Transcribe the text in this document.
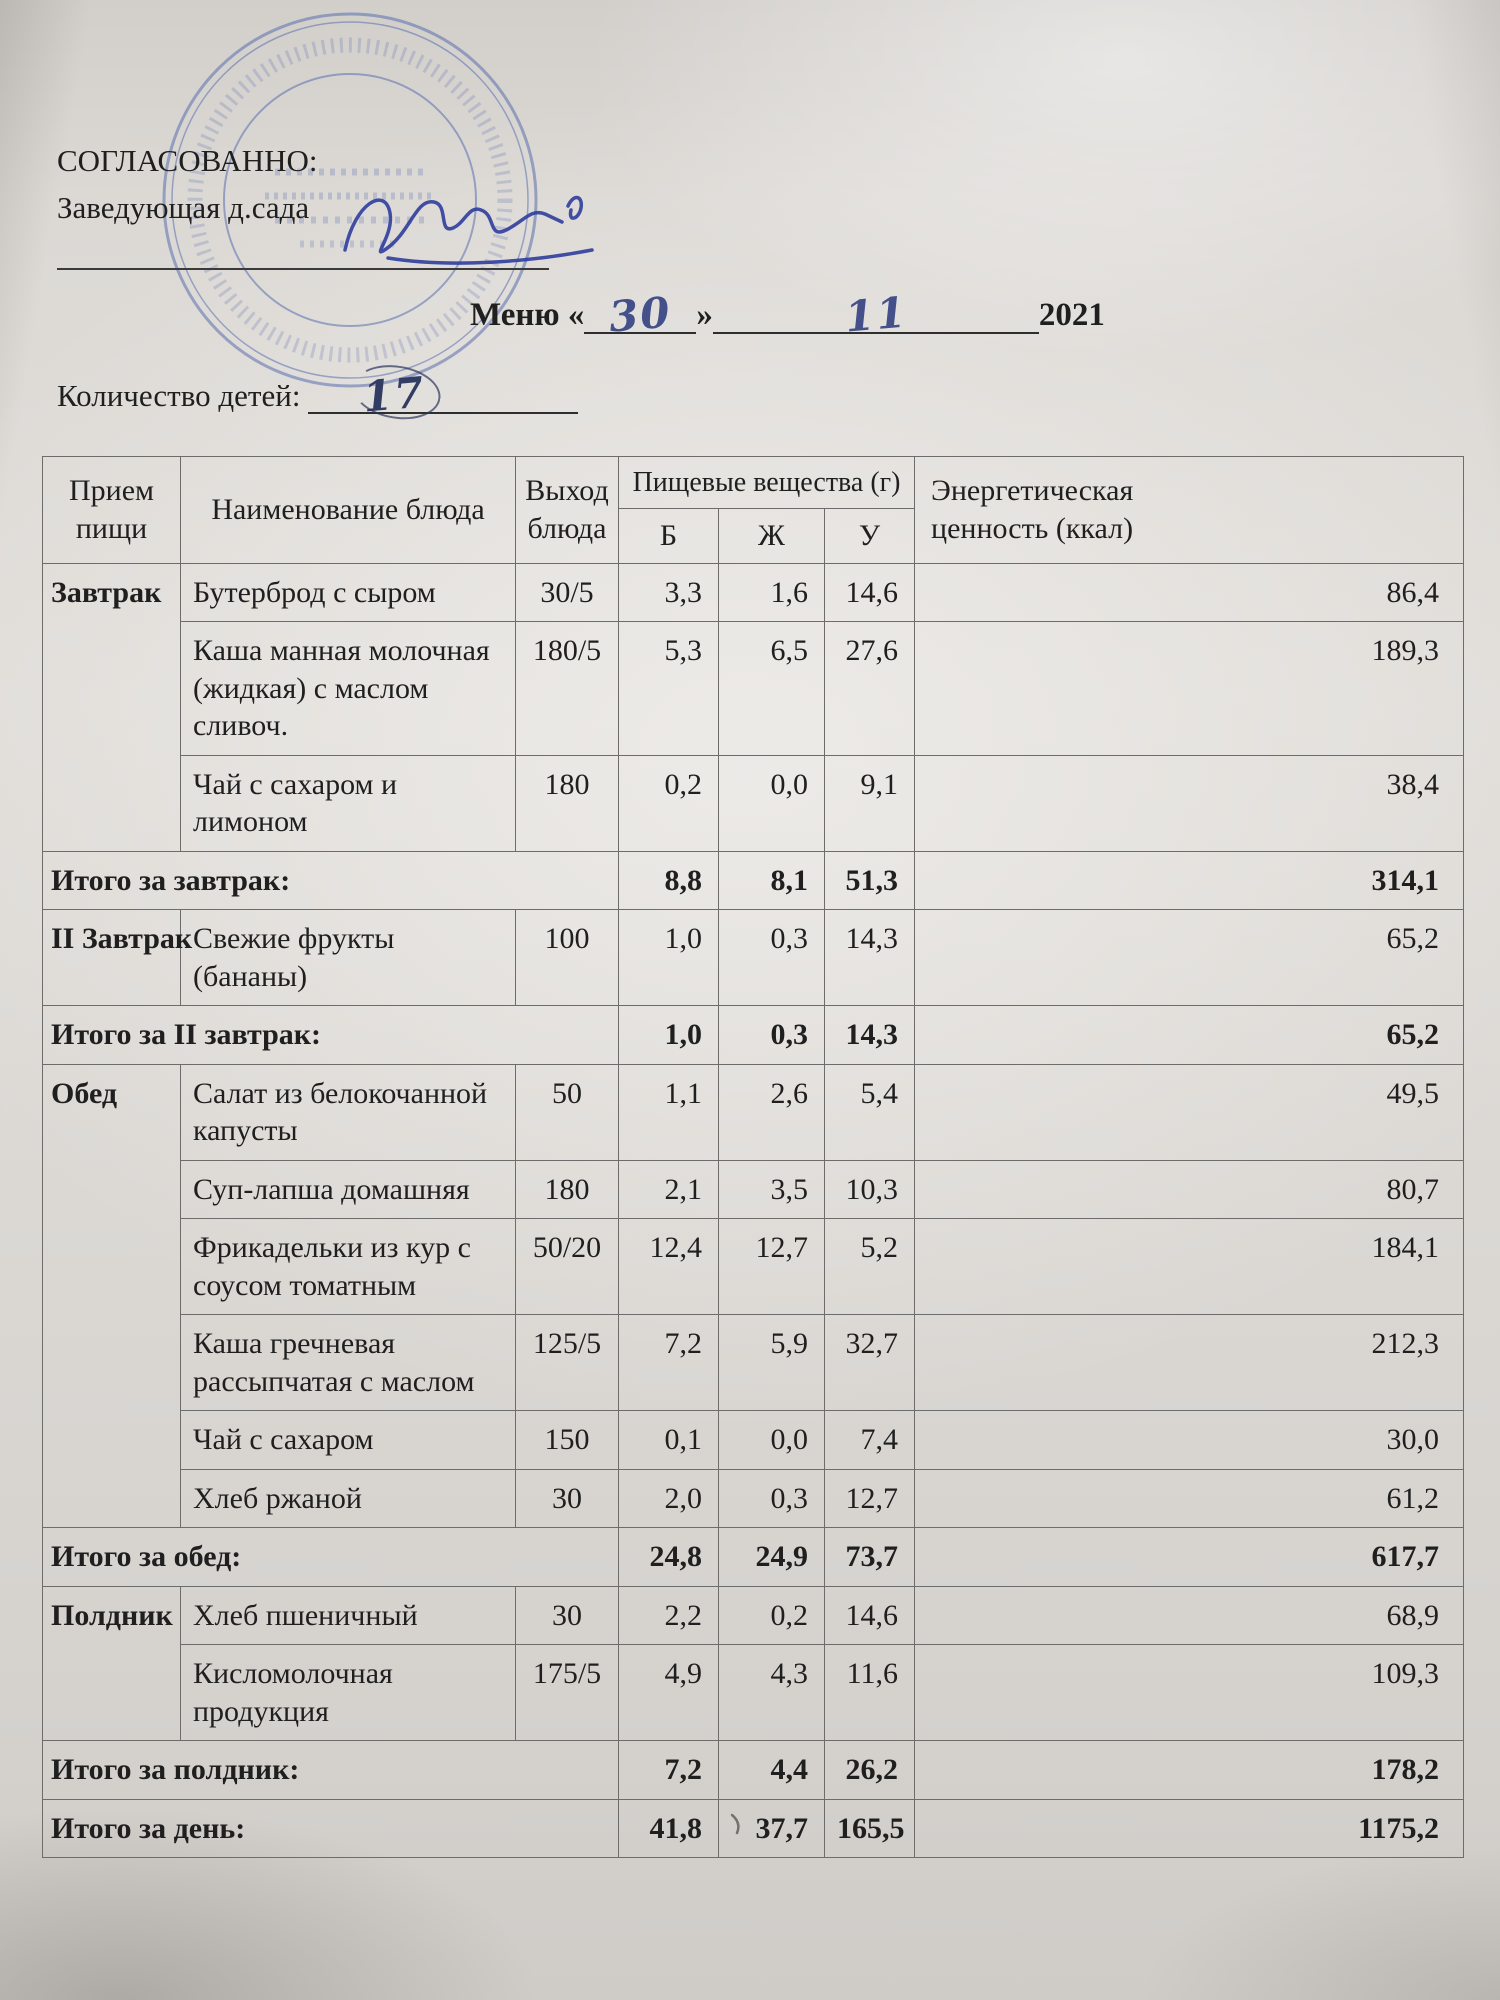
СОГЛАСОВАННО:
Заведующая д.сада
Меню « 30 »	11	2021
Количество детей: 17
Прием пищи	Наименование блюда	Выход блюда	Пищевые вещества (г)			Энергетическая ценность (ккал)

			Б	Ж	У	
Завтрак	Бутерброд с сыром	30/5	3,3	1,6	14,6	86,4
	Каша манная молочная (жидкая) с маслом сливоч.	180/5	5,3	6,5	27,6	189,3
	Чай с сахаром и лимоном	180	0,2	0,0	9,1	38,4
Итого за завтрак:			8,8	8,1	51,3	314,1
II Завтрак	Свежие фрукты (бананы)	100	1,0	0,3	14,3	65,2
Итого за II завтрак:			1,0	0,3	14,3	65,2
Обед	Салат из белокочанной капусты	50	1,1	2,6	5,4	49,5
	Суп-лапша домашняя	180	2,1	3,5	10,3	80,7
	Фрикадельки из кур с соусом томатным	50/20	12,4	12,7	5,2	184,1
	Каша гречневая рассыпчатая с маслом	125/5	7,2	5,9	32,7	212,3
	Чай с сахаром	150	0,1	0,0	7,4	30,0
	Хлеб ржаной	30	2,0	0,3	12,7	61,2
Итого за обед:			24,8	24,9	73,7	617,7
Полдник	Хлеб пшеничный	30	2,2	0,2	14,6	68,9
	Кисломолочная продукция	175/5	4,9	4,3	11,6	109,3
Итого за полдник:			7,2	4,4	26,2	178,2
Итого за день:			41,8	37,7	165,5	1175,2
